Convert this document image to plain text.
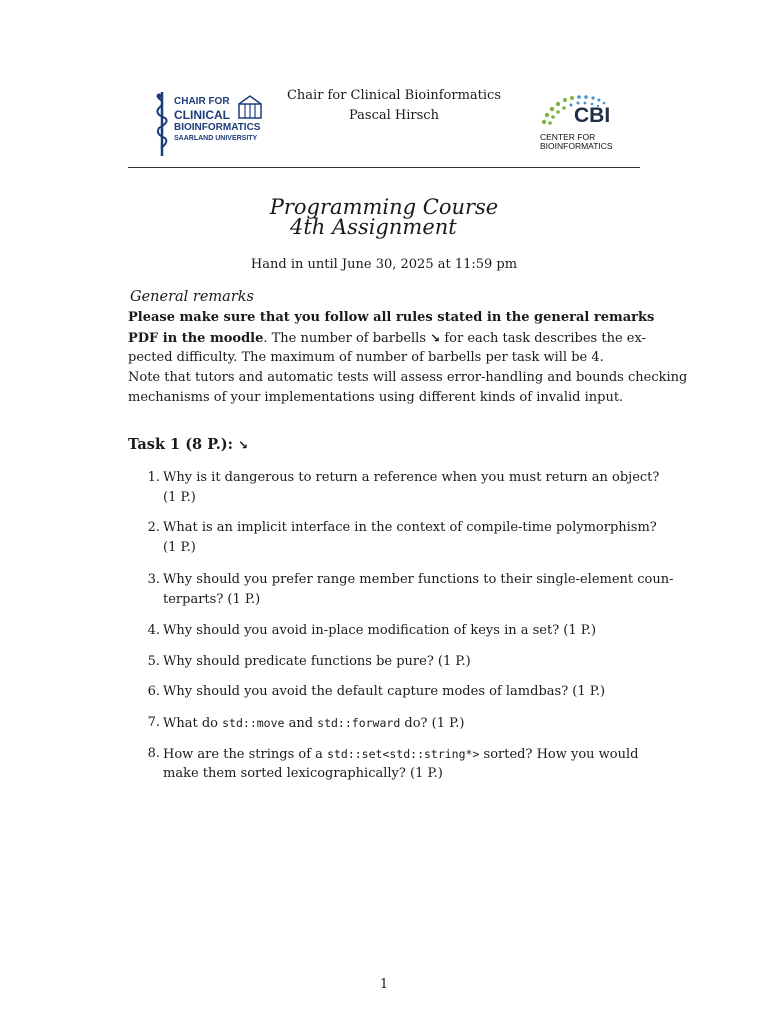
CHAIR FOR
CLINICAL
BIOINFORMATICS
SAARLAND UNIVERSITY
Chair for Clinical Bioinformatics
Pascal Hirsch	CBI
CENTER FOR
BIOINFORMATICS
Programming Course
4th Assignment
Hand in until June 30, 2025 at 11:59 pm
General remarks
Please make sure that you follow all rules stated in the general remarks
PDF in the moodle. The number of barbells ↘ for each task describes the ex-
pected difficulty. The maximum of number of barbells per task will be 4.
Note that tutors and automatic tests will assess error-handling and bounds checking
mechanisms of your implementations using different kinds of invalid input.
Task 1 (8 P.): ↘
1. Why is it dangerous to return a reference when you must return an object?
(1 P.)
2. What is an implicit interface in the context of compile-time polymorphism?
(1 P.)
3. Why should you prefer range member functions to their single-element coun-
terparts? (1 P.)
4. Why should you avoid in-place modification of keys in a set? (1 P.)
5. Why should predicate functions be pure? (1 P.)
6. Why should you avoid the default capture modes of lamdbas? (1 P.)
7. What do std::move and std::forward do? (1 P.)
8. How are the strings of a std::set<std::string*> sorted? How you would
make them sorted lexicographically? (1 P.)
1
